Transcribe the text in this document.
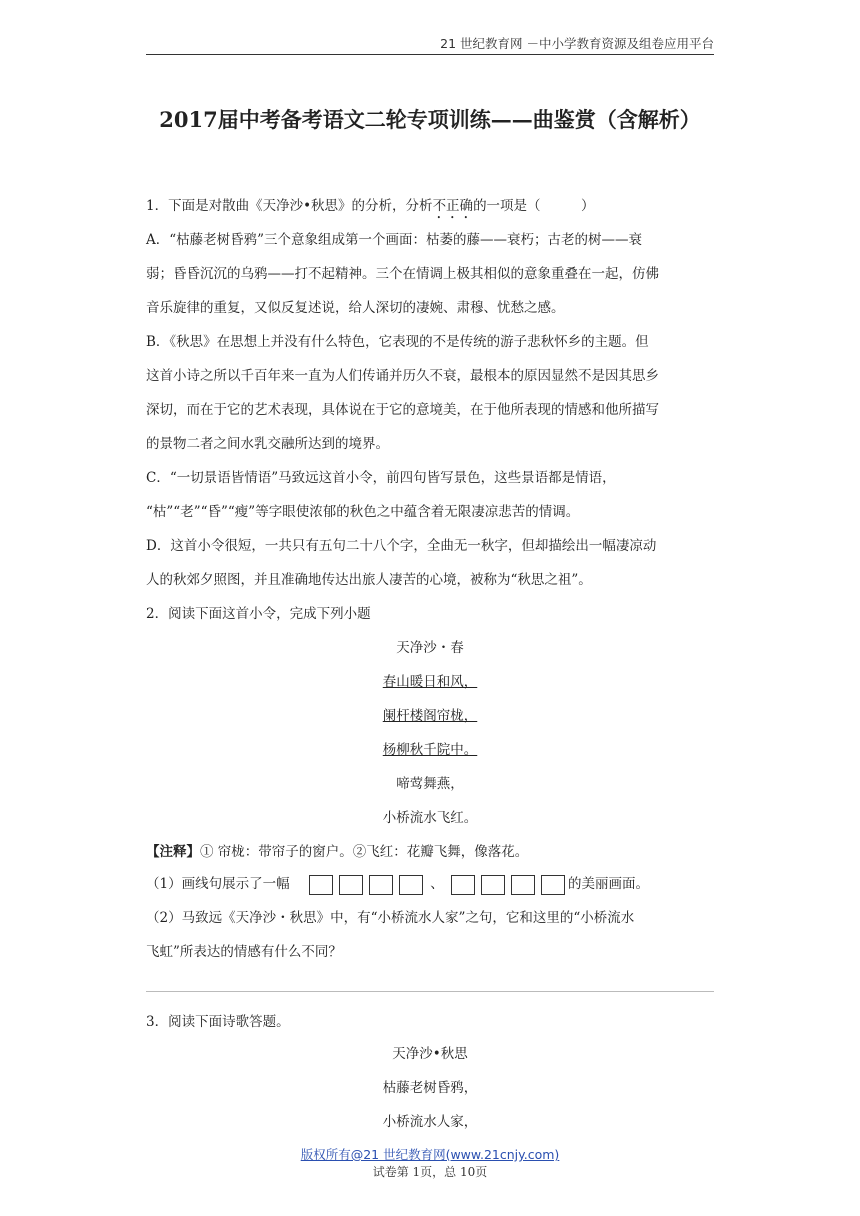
21 世纪教育网 －中小学教育资源及组卷应用平台
2017届中考备考语文二轮专项训练——曲鉴赏（含解析）
1．下面是对散曲《天净沙•秋思》的分析，分析不正确的一项是（　　　）
A．“枯藤老树昏鸦”三个意象组成第一个画面：枯萎的藤——衰朽；古老的树——衰
弱；昏昏沉沉的乌鸦——打不起精神。三个在情调上极其相似的意象重叠在一起，仿佛
音乐旋律的重复，又似反复述说，给人深切的凄婉、肃穆、忧愁之感。
B．《秋思》在思想上并没有什么特色，它表现的不是传统的游子悲秋怀乡的主题。但
这首小诗之所以千百年来一直为人们传诵并历久不衰，最根本的原因显然不是因其思乡
深切，而在于它的艺术表现，具体说在于它的意境美，在于他所表现的情感和他所描写
的景物二者之间水乳交融所达到的境界。
C．“一切景语皆情语”马致远这首小令，前四句皆写景色，这些景语都是情语，
“枯”“老”“昏”“瘦”等字眼使浓郁的秋色之中蕴含着无限凄凉悲苦的情调。
D．这首小令很短，一共只有五句二十八个字，全曲无一秋字，但却描绘出一幅凄凉动
人的秋郊夕照图，并且准确地传达出旅人凄苦的心境，被称为“秋思之祖”。
2．阅读下面这首小令，完成下列小题
天净沙・春
春山暖日和风，
阑杆楼阁帘栊，
杨柳秋千院中。
啼莺舞燕，
小桥流水飞红。
【注释】① 帘栊：带帘子的窗户。②飞红：花瓣飞舞，像落花。
（1）画线句展示了一幅	、	的美丽画面。
（2）马致远《天净沙・秋思》中，有“小桥流水人家”之句，它和这里的“小桥流水
飞虹”所表达的情感有什么不同？
3．阅读下面诗歌答题。
天净沙•秋思
枯藤老树昏鸦，
小桥流水人家，
版权所有@21 世纪教育网(www.21cnjy.com)
试卷第 1页，总 10页
